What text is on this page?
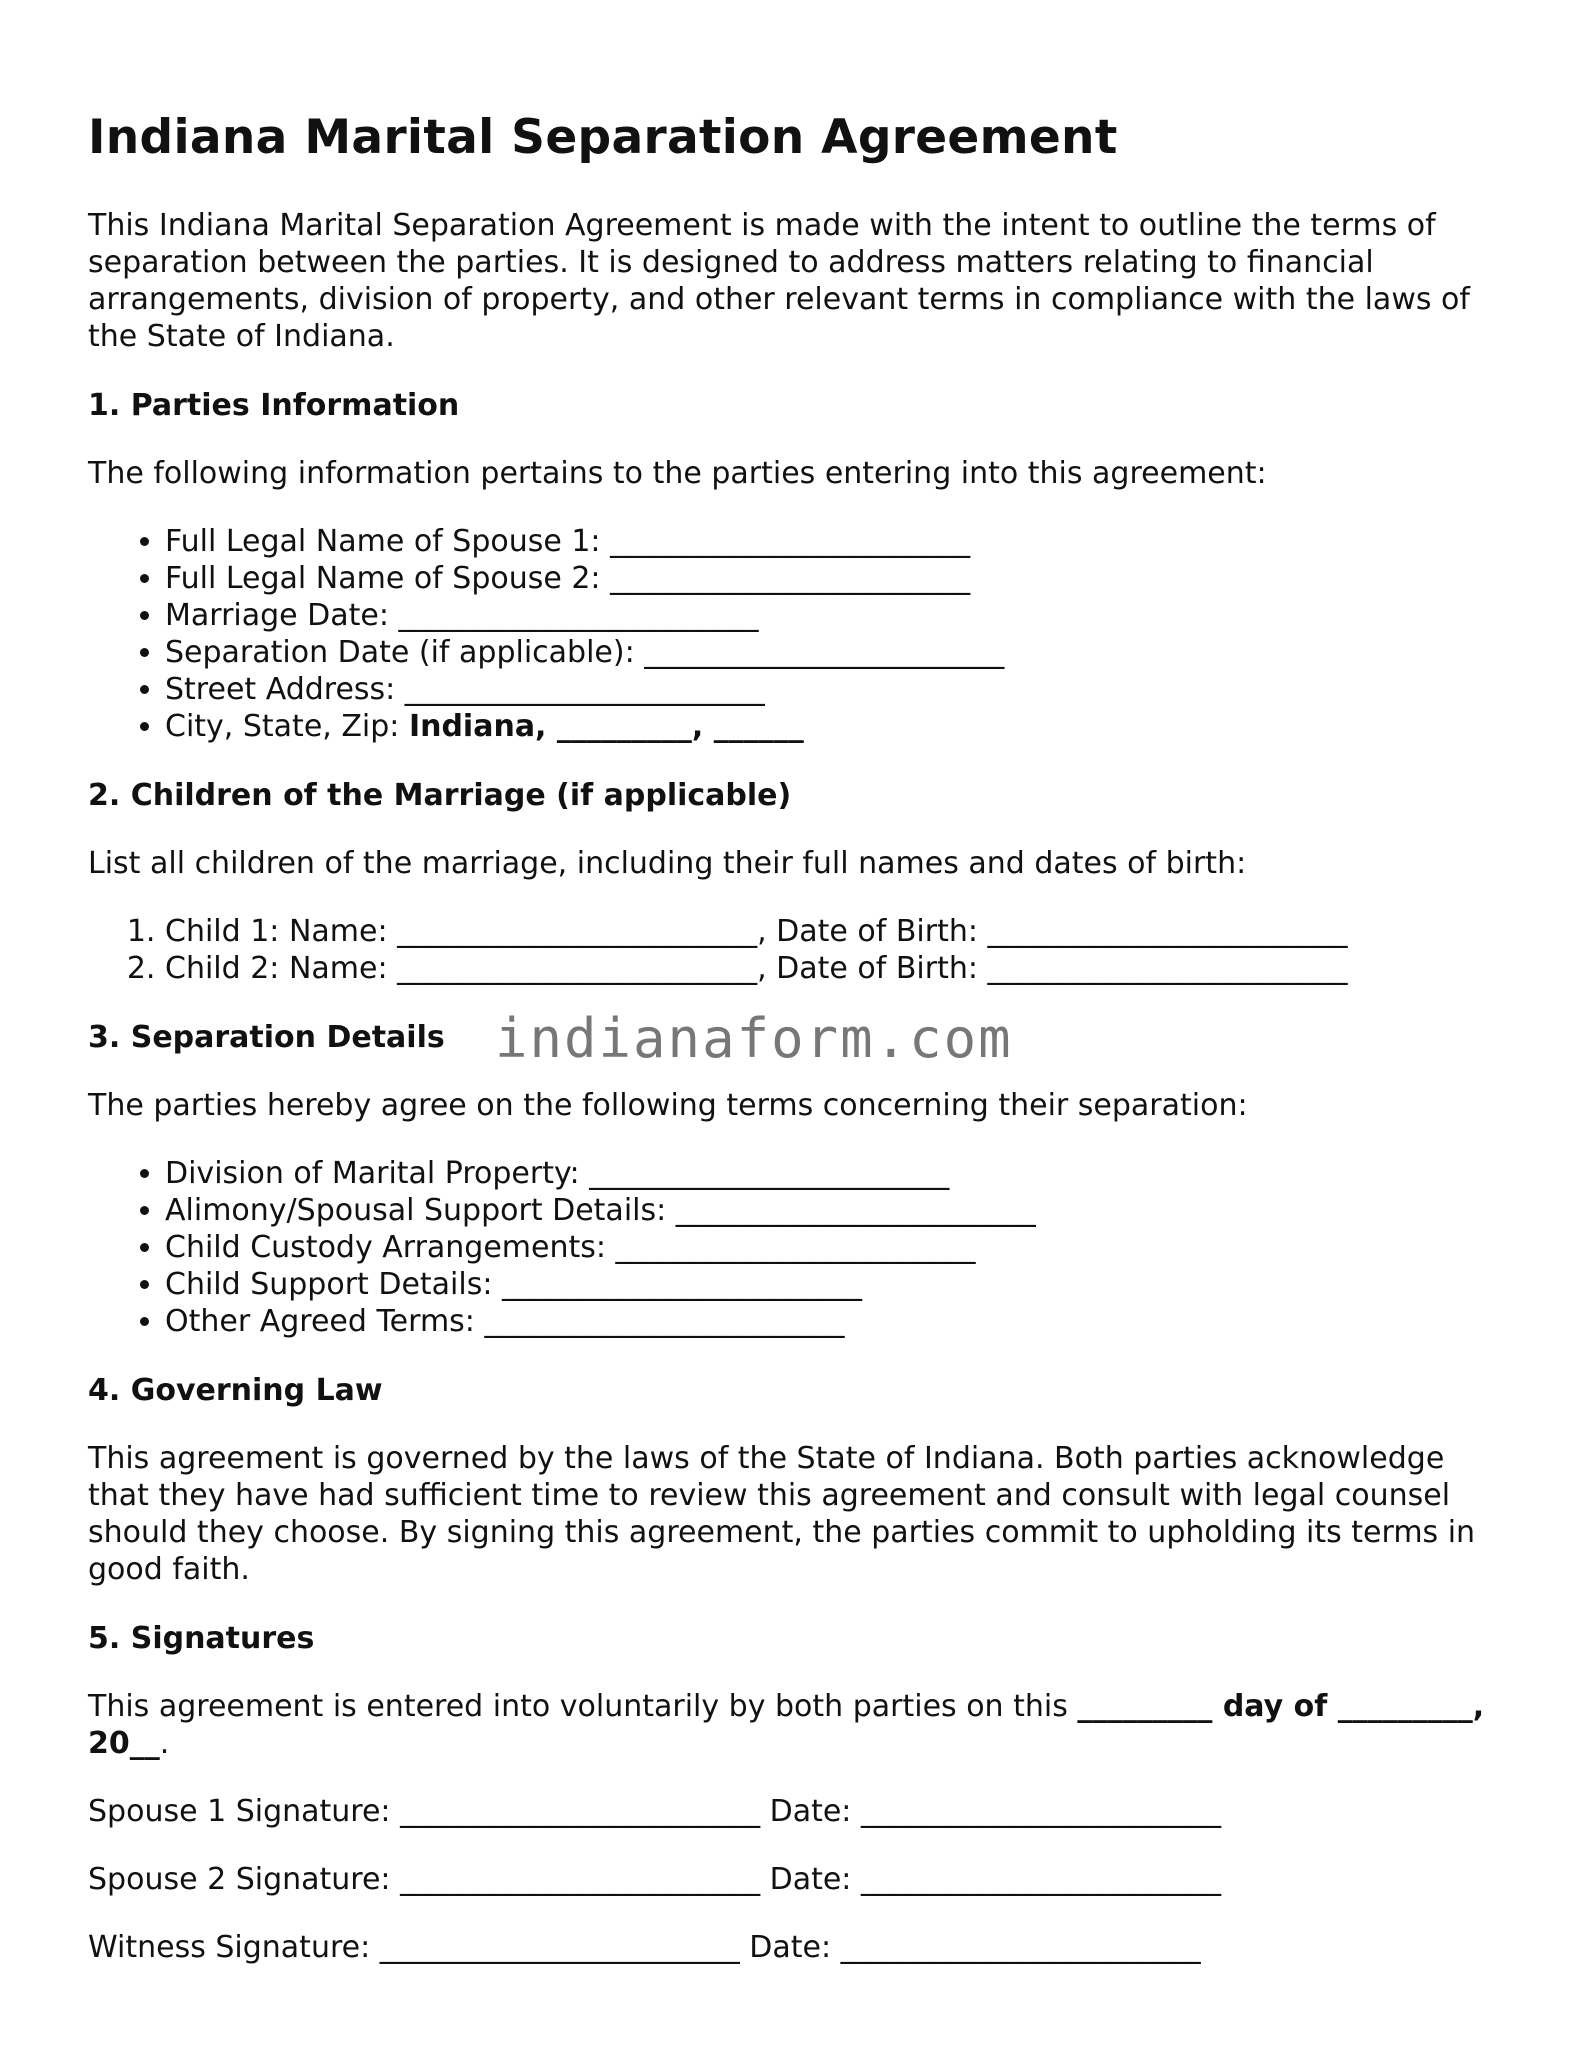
Indiana Marital Separation Agreement

This Indiana Marital Separation Agreement is made with the intent to outline the terms of separation between the parties. It is designed to address matters relating to financial arrangements, division of property, and other relevant terms in compliance with the laws of the State of Indiana.

1. Parties Information

The following information pertains to the parties entering into this agreement:

• Full Legal Name of Spouse 1: ________________________
• Full Legal Name of Spouse 2: ________________________
• Marriage Date: ________________________
• Separation Date (if applicable): ________________________
• Street Address: ________________________
• City, State, Zip: Indiana, _________, ______
2. Children of the Marriage (if applicable)

List all children of the marriage, including their full names and dates of birth:

1. Child 1: Name: ________________________, Date of Birth: ________________________
2. Child 2: Name: ________________________, Date of Birth: ________________________
3. Separation Details indianaform.com

The parties hereby agree on the following terms concerning their separation:

• Division of Marital Property: ________________________
• Alimony/Spousal Support Details: ________________________
• Child Custody Arrangements: ________________________
• Child Support Details: ________________________
• Other Agreed Terms: ________________________
4. Governing Law

This agreement is governed by the laws of the State of Indiana. Both parties acknowledge that they have had sufficient time to review this agreement and consult with legal counsel should they choose. By signing this agreement, the parties commit to upholding its terms in good faith.

5. Signatures

This agreement is entered into voluntarily by both parties on this _________ day of _________, 20__.

Spouse 1 Signature: ________________________ Date: ________________________

Spouse 2 Signature: ________________________ Date: ________________________

Witness Signature: ________________________ Date: ________________________
